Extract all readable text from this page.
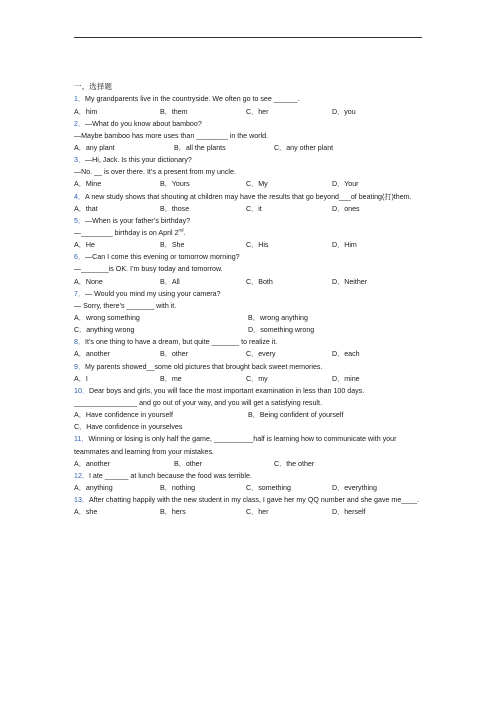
一、选择题
1．My grandparents live in the countryside. We often go to see ______.
A．him	B．them	C．her	D．you
2．—What do you know about bamboo?
—Maybe bamboo has more uses than ________ in the world.
A．any plant	B．all the plants	C．any other plant
3．—Hi, Jack. Is this your dictionary?
—No. __ is over there. It’s a present from my uncle.
A．Mine	B．Yours	C．My	D．Your
4．A new study shows that shouting at children may have the results that go beyond___of beating(打)them.
A．that	B．those	C．it	D．ones
5．—When is your father’s birthday?
—________ birthday is on April 2nd.
A．He	B．She	C．His	D．Him
6．—Can I come this evening or tomorrow morning?
—_______is OK. I’m busy today and tomorrow.
A．None	B．All	C．Both	D．Neither
7．— Would you mind my using your camera?
— Sorry, there’s _______ with it.
A．wrong something	B．wrong anything
C．anything wrong	D．something wrong
8．It’s one thing to have a dream, but quite _______ to realize it.
A．another	B．other	C．every	D．each
9．My parents showed__some old pictures that brought back sweet memories.
A．I	B．me	C．my	D．mine
10．Dear boys and girls, you will face the most important examination in less than 100 days.
________________ and go out of your way, and you will get a satisfying result.
A．Have confidence in yourself	B．Being confident of yourself
C．Have confidence in yourselves
11．Winning or losing is only half the game, __________half is learning how to communicate with your teammates and learning from your mistakes.
A．another	B．other	C．the other
12．I ate ______ at lunch because the food was terrible.
A．anything	B．nothing	C．something	D．everything
13．After chatting happily with the new student in my class, I gave her my QQ number and she gave me____.
A．she	B．hers	C．her	D．herself
